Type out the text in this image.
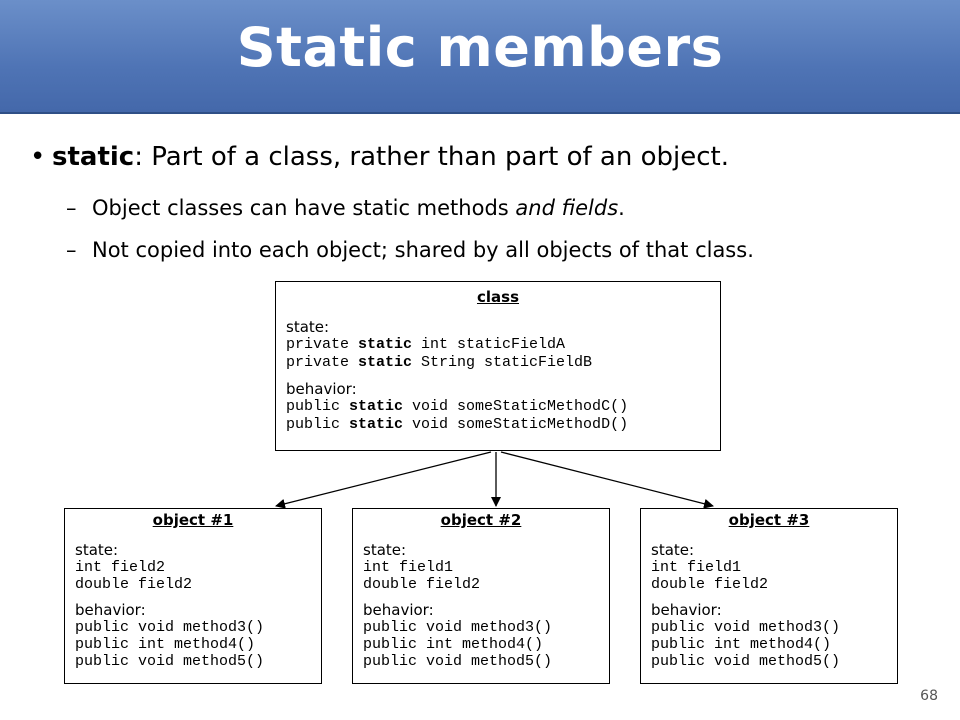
Static members
• static: Part of a class, rather than part of an object.
– Object classes can have static methods and fields.
– Not copied into each object; shared by all objects of that class.
class
state:
private static int staticFieldA
private static String staticFieldB
behavior:
public static void someStaticMethodC()
public static void someStaticMethodD()
object #1
state:
int field2
double field2
behavior:
public void method3()
public int method4()
public void method5()
object #2
state:
int field1
double field2
behavior:
public void method3()
public int method4()
public void method5()
object #3
state:
int field1
double field2
behavior:
public void method3()
public int method4()
public void method5()
68
